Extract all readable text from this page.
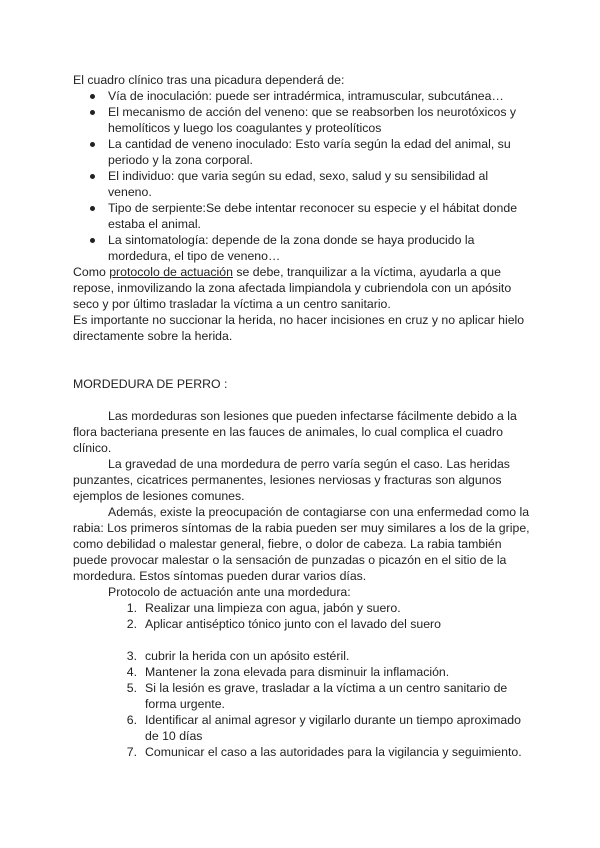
El cuadro clínico tras una picadura dependerá de:
Vía de inoculación: puede ser intradérmica, intramuscular, subcutánea…
El mecanismo de acción del veneno: que se reabsorben los neurotóxicos y
hemolíticos y luego los coagulantes y proteolíticos
La cantidad de veneno inoculado: Esto varía según la edad del animal, su
periodo y la zona corporal.
El individuo: que varia según su edad, sexo, salud y su sensibilidad al
veneno.
Tipo de serpiente:Se debe intentar reconocer su especie y el hábitat donde
estaba el animal.
La sintomatología: depende de la zona donde se haya producido la
mordedura, el tipo de veneno…
Como protocolo de actuación se debe, tranquilizar a la víctima, ayudarla a que
repose, inmovilizando la zona afectada limpiandola y cubriendola con un apósito
seco y por último trasladar la víctima a un centro sanitario.
Es importante no succionar la herida, no hacer incisiones en cruz y no aplicar hielo
directamente sobre la herida.
MORDEDURA DE PERRO :
Las mordeduras son lesiones que pueden infectarse fácilmente debido a la
flora bacteriana presente en las fauces de animales, lo cual complica el cuadro
clínico.
La gravedad de una mordedura de perro varía según el caso. Las heridas
punzantes, cicatrices permanentes, lesiones nerviosas y fracturas son algunos
ejemplos de lesiones comunes.
Además, existe la preocupación de contagiarse con una enfermedad como la
rabia: Los primeros síntomas de la rabia pueden ser muy similares a los de la gripe,
como debilidad o malestar general, fiebre, o dolor de cabeza. La rabia también
puede provocar malestar o la sensación de punzadas o picazón en el sitio de la
mordedura. Estos síntomas pueden durar varios días.
Protocolo de actuación ante una mordedura:
1. Realizar una limpieza con agua, jabón y suero.
2. Aplicar antiséptico tónico junto con el lavado del suero
3. cubrir la herida con un apósito estéril.
4. Mantener la zona elevada para disminuir la inflamación.
5. Si la lesión es grave, trasladar a la víctima a un centro sanitario de
forma urgente.
6. Identificar al animal agresor y vigilarlo durante un tiempo aproximado
de 10 días
7. Comunicar el caso a las autoridades para la vigilancia y seguimiento.
